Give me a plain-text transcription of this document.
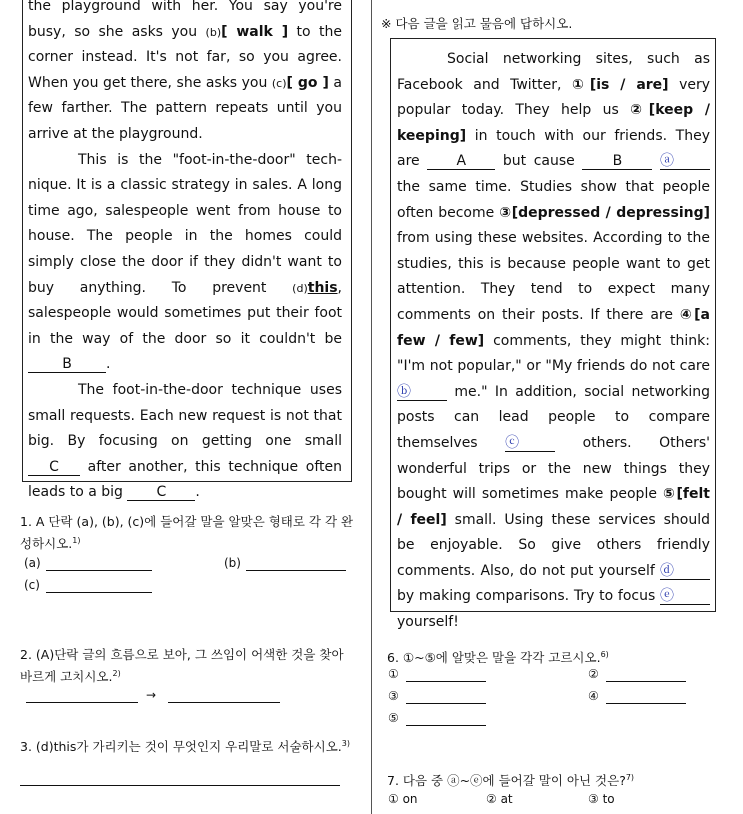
the playground with her. You say you're busy, so she asks you (b)[ walk ] to the corner instead. It's not far, so you agree. When you get there, she asks you (c)[ go ] a few farther. The pattern repeats until you arrive at the playground.

This is the "foot-in-the-door" tech-nique. It is a classic strategy in sales. A long time ago, salespeople went from house to house. The people in the homes could simply close the door if they didn't want to buy anything. To prevent (d)this, salespeople would sometimes put their foot in the way of the door so it couldn't be B .

The foot-in-the-door technique uses small requests. Each new request is not that big. By focusing on getting one small C after another, this technique often leads to a big C .

1. A 단락 (a), (b), (c)에 들어갈 말을 알맞은 형태로 각 각 완성하시오.$^{1)}$
(a)	(b)
(c)
2. (A)단락 글의 흐름으로 보아, 그 쓰임이 어색한 것을 찾아 바르게 고치시오.$^{2)}$
→
3. (d)this가 가리키는 것이 무엇인지 우리말로 서술하시오.$^{3)}$
※ 다음 글을 읽고 물음에 답하시오.

Social networking sites, such as Facebook and Twitter, ①[is / are] very popular today. They help us ②[keep / keeping] in touch with our friends. They are A but cause B	ⓐ the same time. Studies show that people often become ③[depressed / depressing] from using these websites. According to the studies, this is because people want to get attention. They tend to expect many comments on their posts. If there are ④[a few / few] comments, they might think: "I'm not popular," or "My friends do not care ⓑ	me." In addition, social networking posts can lead people to compare themselves ⓒ	others. Others' wonderful trips or the new things they bought will sometimes make people ⑤[felt / feel] small. Using these services should be enjoyable. So give others friendly comments. Also, do not put yourself ⓓ by making comparisons. Try to focus ⓔ yourself!

6. ①~⑤에 알맞은 말을 각각 고르시오.$^{6)}$
①	②
③	④
⑤
7. 다음 중 ⓐ~ⓔ에 들어갈 말이 아닌 것은?$^{7)}$
① on	② at	③ to
